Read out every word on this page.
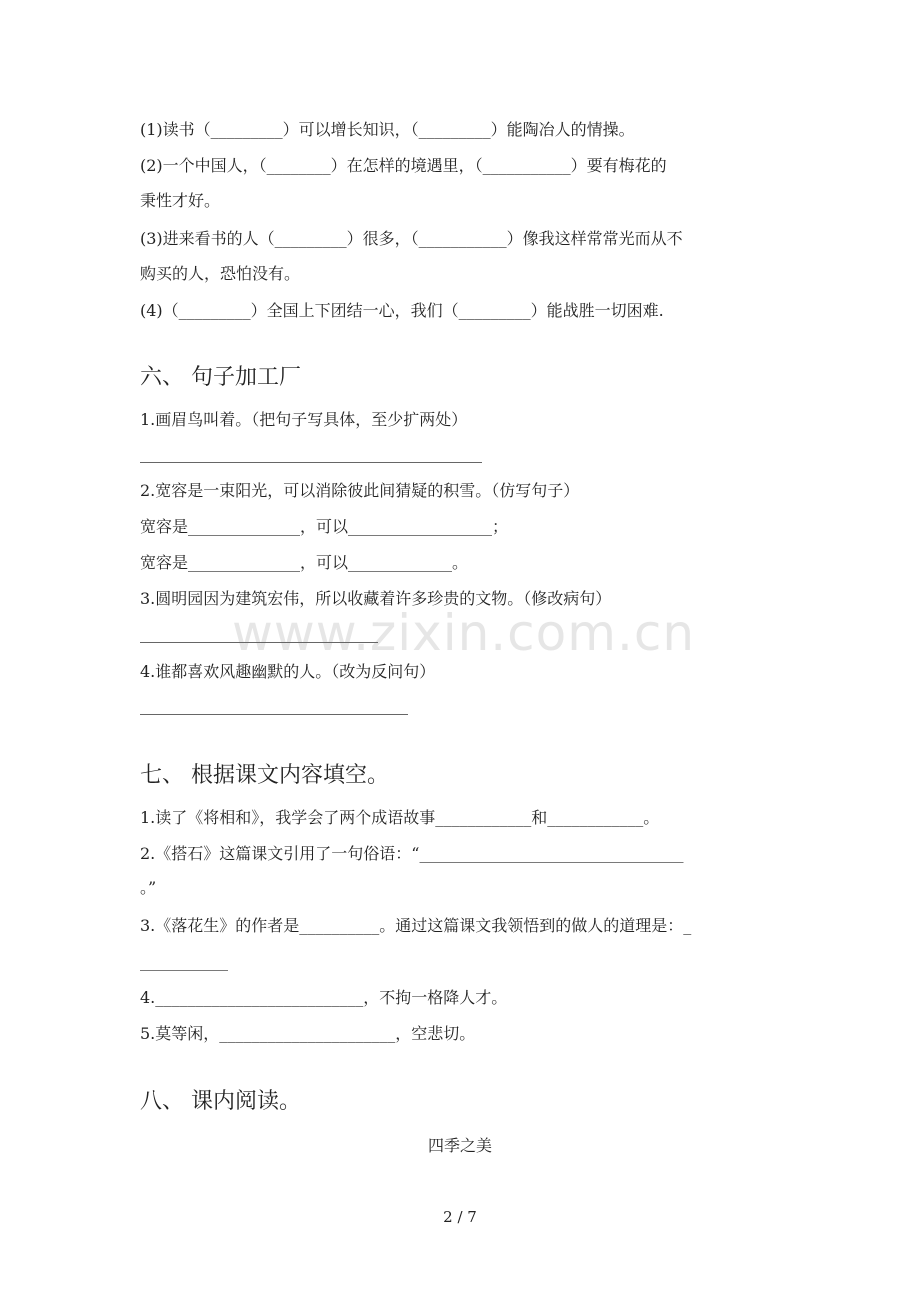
www.zixin.com.cn
(1)读书（_________）可以增长知识，（_________）能陶冶人的情操。
(2)一个中国人，（________）在怎样的境遇里，（___________）要有梅花的
秉性才好。
(3)进来看书的人（_________）很多，（___________）像我这样常常光而从不
购买的人，恐怕没有。
(4)（_________）全国上下团结一心，我们（_________）能战胜一切困难.
六、 句子加工厂
1.画眉鸟叫着。（把句子写具体，至少扩两处）
2.宽容是一束阳光，可以消除彼此间猜疑的积雪。（仿写句子）
宽容是______________，可以__________________；
宽容是______________，可以_____________。
3.圆明园因为建筑宏伟，所以收藏着许多珍贵的文物。（修改病句）
4.谁都喜欢风趣幽默的人。（改为反问句）
七、 根据课文内容填空。
1.读了《将相和》，我学会了两个成语故事____________和____________。
2.《搭石》这篇课文引用了一句俗语：“_________________________________
。”
3.《落花生》的作者是__________。通过这篇课文我领悟到的做人的道理是：_
___________
4.__________________________，不拘一格降人才。
5.莫等闲，______________________，空悲切。
八、 课内阅读。
四季之美
2 / 7
